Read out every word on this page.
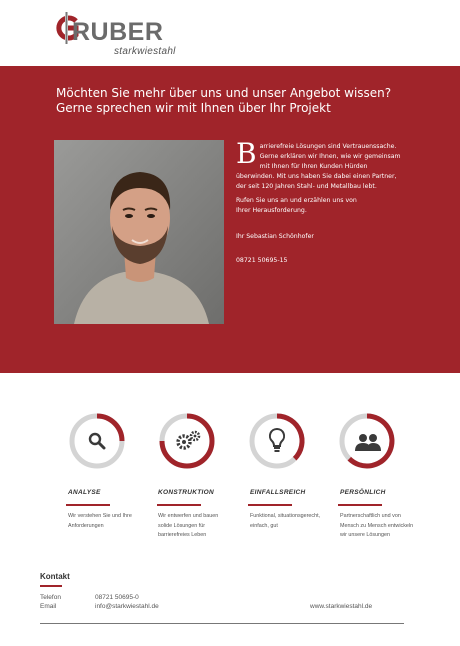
RUBER
starkwiestahl
Möchten Sie mehr über uns und unser Angebot wissen?
Gerne sprechen wir mit Ihnen über Ihr Projekt
B arrierefreie Lösungen sind Vertrauenssache.
Gerne erklären wir Ihnen, wie wir gemeinsam
mit Ihnen für Ihren Kunden Hürden
überwinden. Mit uns haben Sie dabei einen Partner,
der seit 120 Jahren Stahl- und Metallbau lebt.
Rufen Sie uns an und erzählen uns von
Ihrer Herausforderung.
Ihr Sebastian Schönhofer
08721 50695-15
ANALYSE
Wir verstehen Sie und Ihre
Anforderungen
KONSTRUKTION
Wir entwerfen und bauen
solide Lösungen für
barrierefreies Leben
EINFALLSREICH
Funktional, situationsgerecht,
einfach, gut
PERSÖNLICH
Partnerschaftlich und von
Mensch zu Mensch entwickeln
wir unsere Lösungen
Kontakt
Telefon	08721 50695-0
Email	info@starkwiestahl.de	www.starkwiestahl.de
